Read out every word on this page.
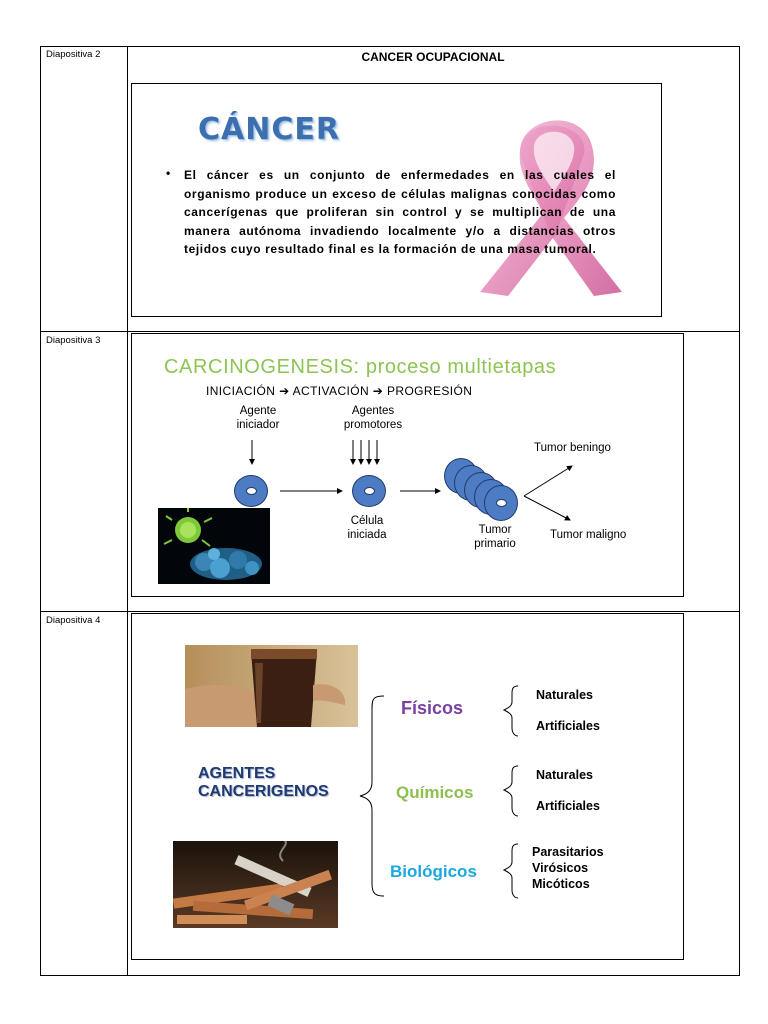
Diapositiva 2
Diapositiva 3
Diapositiva 4
CANCER OCUPACIONAL
CÁNCER
• El cáncer es un conjunto de enfermedades en las cuales el organismo produce un exceso de células malignas conocidas como cancerígenas que proliferan sin control y se multiplican de una manera autónoma invadiendo localmente y/o a distancias otros tejidos cuyo resultado final es la formación de una masa tumoral.
CARCINOGENESIS: proceso multietapas
INICIACIÓN ➔ ACTIVACIÓN ➔ PROGRESIÓN
Agente iniciador
Agentes promotores
Célula iniciada	Tumor primario
Tumor beningo
Tumor maligno
AGENTES CANCERIGENOS
Físicos
Químicos
Biológicos
Naturales
Artificiales
Naturales
Artificiales
Parasitarios
Virósicos
Micóticos
